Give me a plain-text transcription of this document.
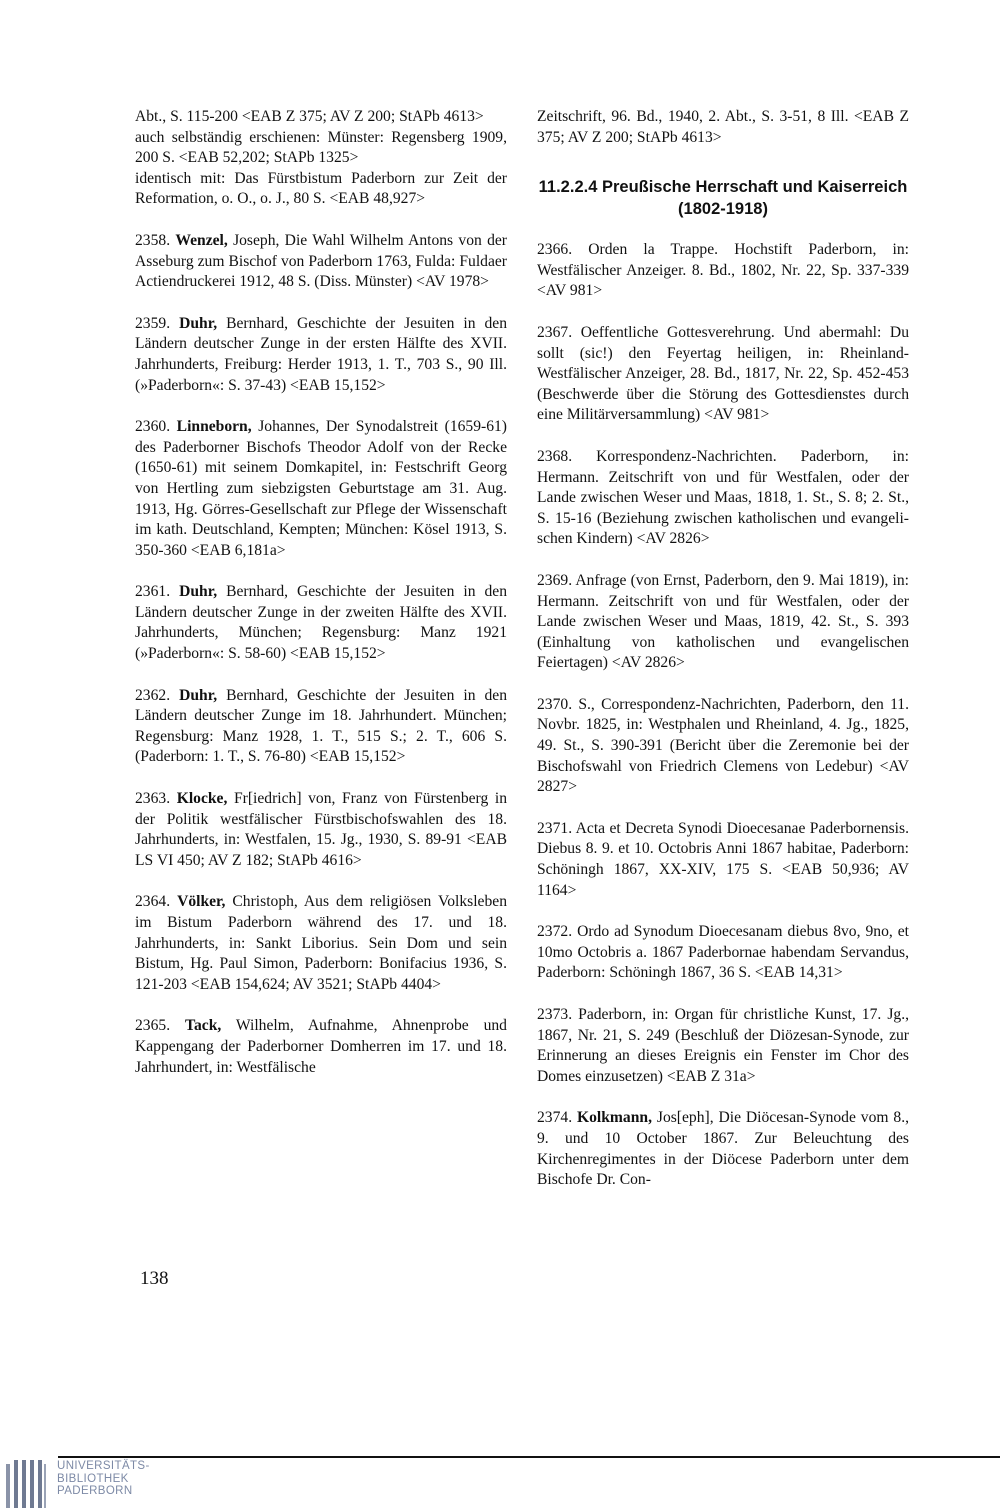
Abt., S. 115-200 <EAB Z 375; AV Z 200; StAPb 4613>
auch selbständig erschienen: Münster: Regensberg 1909, 200 S. <EAB 52,202; StAPb 1325>
identisch mit: Das Fürstbistum Paderborn zur Zeit der Reformation, o. O., o. J., 80 S. <EAB 48,927>
2358. Wenzel, Joseph, Die Wahl Wilhelm Antons von der Asseburg zum Bischof von Paderborn 1763, Fulda: Fuldaer Actiendruckerei 1912, 48 S. (Diss. Münster) <AV 1978>
2359. Duhr, Bernhard, Geschichte der Jesuiten in den Ländern deutscher Zunge in der ersten Hälfte des XVII. Jahrhunderts, Freiburg: Herder 1913, 1. T., 703 S., 90 Ill. (»Paderborn«: S. 37-43) <EAB 15,152>
2360. Linneborn, Johannes, Der Synodalstreit (1659-61) des Paderborner Bischofs Theodor Adolf von der Recke (1650-61) mit seinem Domkapitel, in: Festschrift Georg von Hertling zum siebzigsten Geburtstage am 31. Aug. 1913, Hg. Görres-Gesellschaft zur Pflege der Wissenschaft im kath. Deutschland, Kempten; München: Kösel 1913, S. 350-360 <EAB 6,181a>
2361. Duhr, Bernhard, Geschichte der Jesuiten in den Ländern deutscher Zunge in der zweiten Hälfte des XVII. Jahrhunderts, München; Regensburg: Manz 1921 (»Paderborn«: S. 58-60) <EAB 15,152>
2362. Duhr, Bernhard, Geschichte der Jesuiten in den Ländern deutscher Zunge im 18. Jahrhundert. München; Regensburg: Manz 1928, 1. T., 515 S.; 2. T., 606 S. (Paderborn: 1. T., S. 76-80) <EAB 15,152>
2363. Klocke, Fr[iedrich] von, Franz von Fürstenberg in der Politik westfälischer Fürstbischofswahlen des 18. Jahrhunderts, in: Westfalen, 15. Jg., 1930, S. 89-91 <EAB LS VI 450; AV Z 182; StAPb 4616>
2364. Völker, Christoph, Aus dem religiösen Volksleben im Bistum Paderborn während des 17. und 18. Jahrhunderts, in: Sankt Liborius. Sein Dom und sein Bistum, Hg. Paul Simon, Paderborn: Bonifacius 1936, S. 121-203 <EAB 154,624; AV 3521; StAPb 4404>
2365. Tack, Wilhelm, Aufnahme, Ahnenprobe und Kappengang der Paderborner Domherren im 17. und 18. Jahrhundert, in: Westfälische
Zeitschrift, 96. Bd., 1940, 2. Abt., S. 3-51, 8 Ill. <EAB Z 375; AV Z 200; StAPb 4613>
11.2.2.4 Preußische Herrschaft und Kaiserreich (1802-1918)
2366. Orden la Trappe. Hochstift Paderborn, in: Westfälischer Anzeiger. 8. Bd., 1802, Nr. 22, Sp. 337-339 <AV 981>
2367. Oeffentliche Gottesverehrung. Und abermahl: Du sollt (sic!) den Feyertag heiligen, in: Rheinland-Westfälischer Anzeiger, 28. Bd., 1817, Nr. 22, Sp. 452-453 (Beschwerde über die Störung des Gottesdienstes durch eine Militärversammlung) <AV 981>
2368. Korrespondenz-Nachrichten. Paderborn, in: Hermann. Zeitschrift von und für Westfalen, oder der Lande zwischen Weser und Maas, 1818, 1. St., S. 8; 2. St., S. 15-16 (Beziehung zwischen katholischen und evangelischen Kindern) <AV 2826>
2369. Anfrage (von Ernst, Paderborn, den 9. Mai 1819), in: Hermann. Zeitschrift von und für Westfalen, oder der Lande zwischen Weser und Maas, 1819, 42. St., S. 393 (Einhaltung von katholischen und evangelischen Feiertagen) <AV 2826>
2370. S., Correspondenz-Nachrichten, Paderborn, den 11. Novbr. 1825, in: Westphalen und Rheinland, 4. Jg., 1825, 49. St., S. 390-391 (Bericht über die Zeremonie bei der Bischofswahl von Friedrich Clemens von Ledebur) <AV 2827>
2371. Acta et Decreta Synodi Dioecesanae Paderbornensis. Diebus 8. 9. et 10. Octobris Anni 1867 habitae, Paderborn: Schöningh 1867, XX-XIV, 175 S. <EAB 50,936; AV 1164>
2372. Ordo ad Synodum Dioecesanam diebus 8vo, 9no, et 10mo Octobris a. 1867 Paderbornae habendam Servandus, Paderborn: Schöningh 1867, 36 S. <EAB 14,31>
2373. Paderborn, in: Organ für christliche Kunst, 17. Jg., 1867, Nr. 21, S. 249 (Beschluß der Diözesan-Synode, zur Erinnerung an dieses Ereignis ein Fenster im Chor des Domes einzusetzen) <EAB Z 31a>
2374. Kolkmann, Jos[eph], Die Diöcesan-Synode vom 8., 9. und 10 October 1867. Zur Beleuchtung des Kirchenregimentes in der Diöcese Paderborn unter dem Bischofe Dr. Con-
138
UNIVERSITÄTS-
BIBLIOTHEK
PADERBORN
